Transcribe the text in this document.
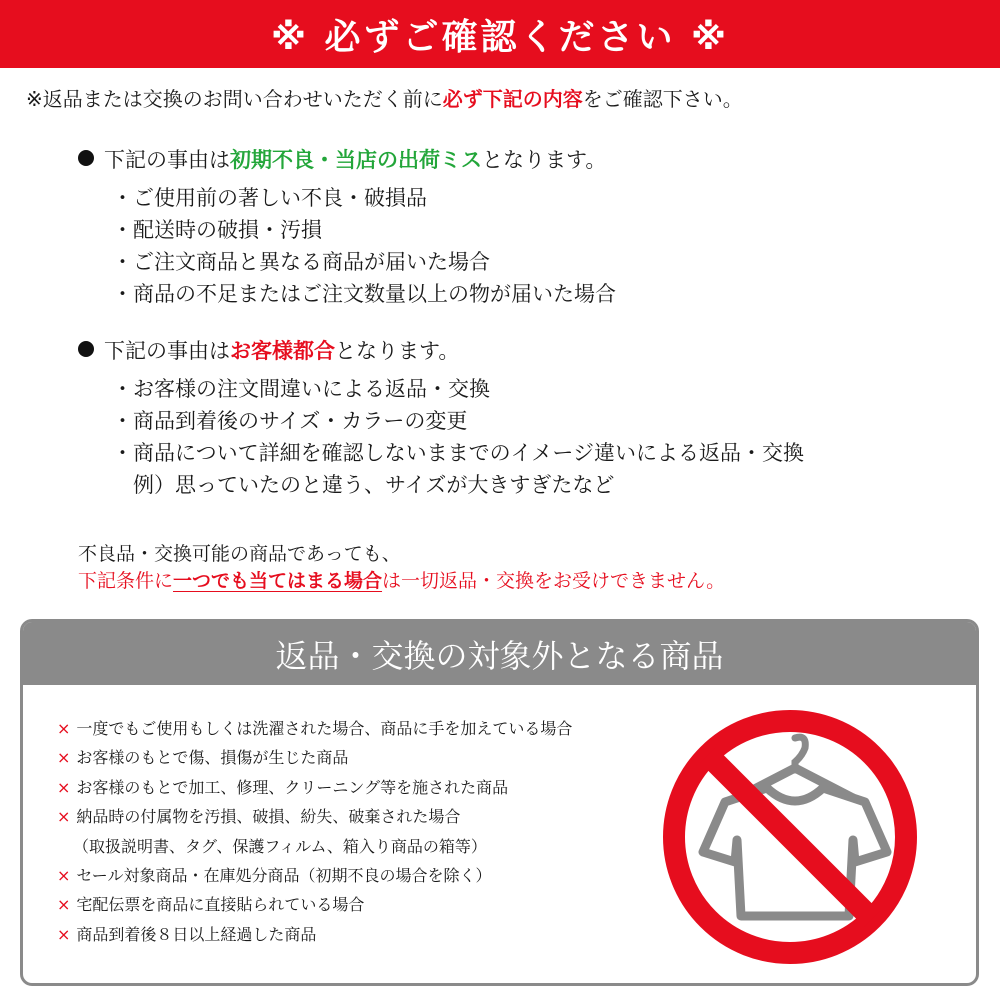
※ 必ずご確認ください ※
※返品または交換のお問い合わせいただく前に必ず下記の内容をご確認下さい。
下記の事由は初期不良・当店の出荷ミスとなります。
・ご使用前の著しい不良・破損品
・配送時の破損・汚損
・ご注文商品と異なる商品が届いた場合
・商品の不足またはご注文数量以上の物が届いた場合
下記の事由はお客様都合となります。
・お客様の注文間違いによる返品・交換
・商品到着後のサイズ・カラーの変更
・商品について詳細を確認しないままでのイメージ違いによる返品・交換
　例）思っていたのと違う、サイズが大きすぎたなど
不良品・交換可能の商品であっても、
下記条件に一つでも当てはまる場合は一切返品・交換をお受けできません。
返品・交換の対象外となる商品
× 一度でもご使用もしくは洗濯された場合、商品に手を加えている場合
× お客様のもとで傷、損傷が生じた商品
× お客様のもとで加工、修理、クリーニング等を施された商品
× 納品時の付属物を汚損、破損、紛失、破棄された場合
（取扱説明書、タグ、保護フィルム、箱入り商品の箱等）
× セール対象商品・在庫処分商品（初期不良の場合を除く）
× 宅配伝票を商品に直接貼られている場合
× 商品到着後８日以上経過した商品
